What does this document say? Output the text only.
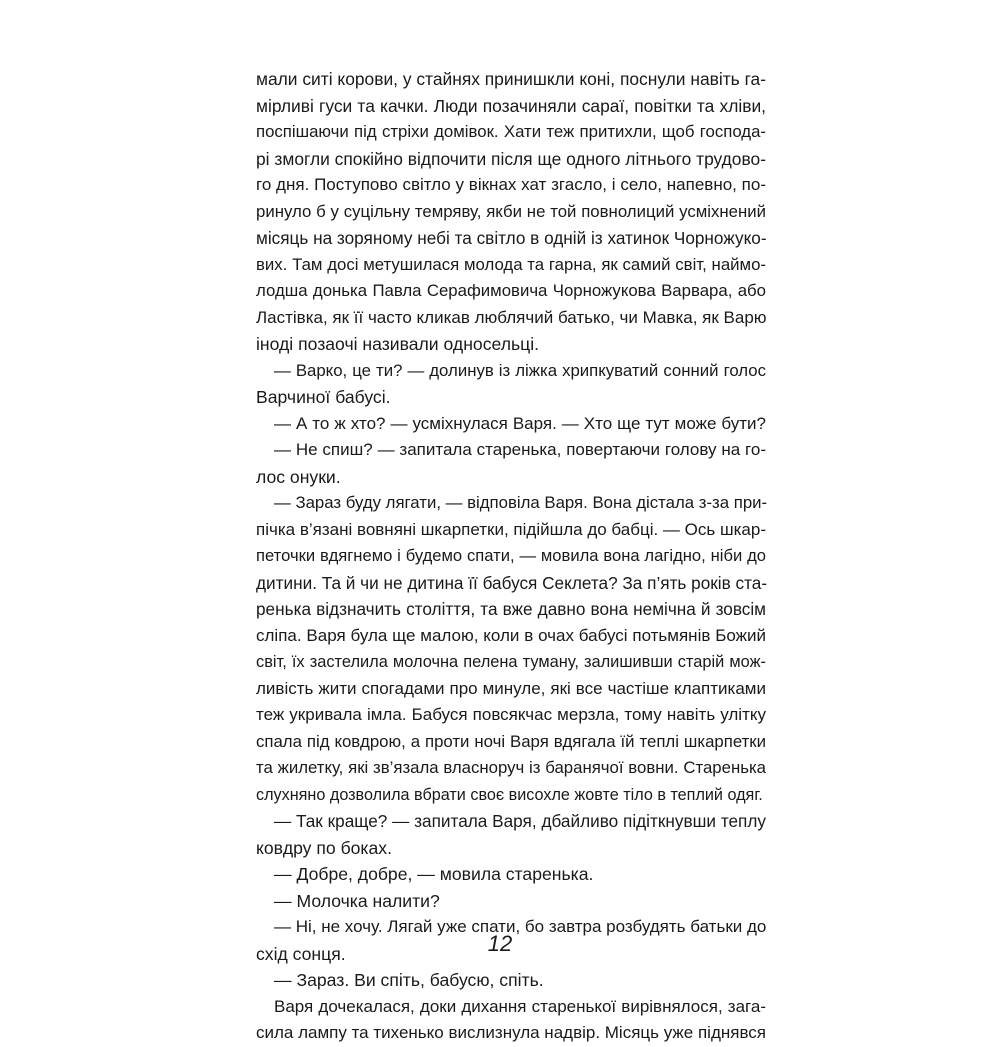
мали ситі корови, у стайнях принишкли коні, поснули навіть га-
мірливі гуси та качки. Люди позачиняли сараї, повітки та хліви,
поспішаючи під стріхи домівок. Хати теж притихли, щоб господа-
рі змогли спокійно відпочити після ще одного літнього трудово-
го дня. Поступово світло у вікнах хат згасло, і село, напевно, по-
ринуло б у суцільну темряву, якби не той повнолиций усміхнений
місяць на зоряному небі та світло в одній із хатинок Чорножуко-
вих. Там досі метушилася молода та гарна, як самий світ, наймо-
лодша донька Павла Серафимовича Чорножукова Варвара, або
Ластівка, як її часто кликав люблячий батько, чи Мавка, як Варю
іноді позаочі називали односельці.
— Варко, це ти? — долинув із ліжка хрипкуватий сонний голос
Варчиної бабусі.
— А то ж хто? — усміхнулася Варя. — Хто ще тут може бути?
— Не спиш? — запитала старенька, повертаючи голову на го-
лос онуки.
— Зараз буду лягати, — відповіла Варя. Вона дістала з-за при-
пічка в’язані вовняні шкарпетки, підійшла до бабці. — Ось шкар-
петочки вдягнемо і будемо спати, — мовила вона лагідно, ніби до
дитини. Та й чи не дитина її бабуся Секлета? За п’ять років ста-
ренька відзначить століття, та вже давно вона немічна й зовсім
сліпа. Варя була ще малою, коли в очах бабусі потьмянів Божий
світ, їх застелила молочна пелена туману, залишивши старій мож-
ливість жити спогадами про минуле, які все частіше клаптиками
теж укривала імла. Бабуся повсякчас мерзла, тому навіть улітку
спала під ковдрою, а проти ночі Варя вдягала їй теплі шкарпетки
та жилетку, які зв’язала власноруч із баранячої вовни. Старенька
слухняно дозволила вбрати своє висохле жовте тіло в теплий одяг.
— Так краще? — запитала Варя, дбайливо підіткнувши теплу
ковдру по боках.
— Добре, добре, — мовила старенька.
— Молочка налити?
— Ні, не хочу. Лягай уже спати, бо завтра розбудять батьки до
схід сонця.
— Зараз. Ви спіть, бабусю, спіть.
Варя дочекалася, доки дихання старенької вирівнялося, зага-
сила лампу та тихенько вислизнула надвір. Місяць уже піднявся
12
